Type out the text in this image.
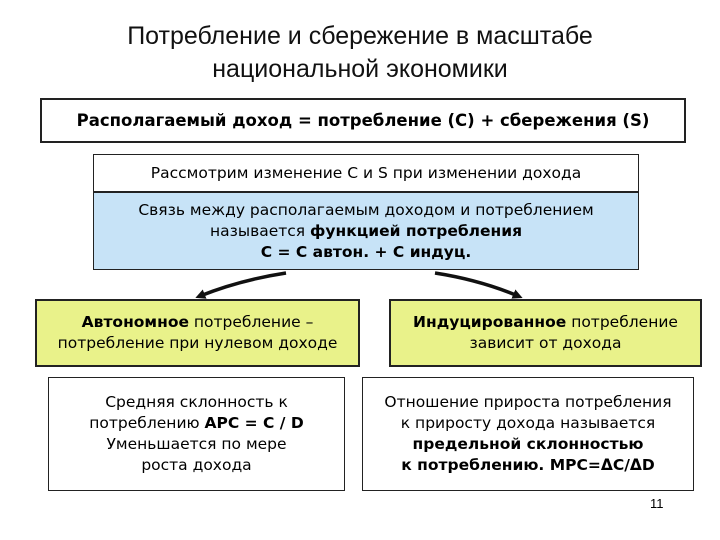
Потребление и сбережение в масштабе
национальной экономики
Располагаемый доход = потребление (С) + сбережения (S)
Рассмотрим изменение С и S при изменении дохода
Связь между располагаемым доходом и потреблением
называется функцией потребления
С = С автон. + С индуц.
Автономное потребление –
потребление при нулевом доходе
Индуцированное потребление
зависит от дохода
Средняя склонность к
потреблению АРС = С / D
Уменьшается по мере
роста дохода
Отношение прироста потребления
к приросту дохода называется
предельной склонностью
к потреблению. МРС=ΔС/ΔD
11
